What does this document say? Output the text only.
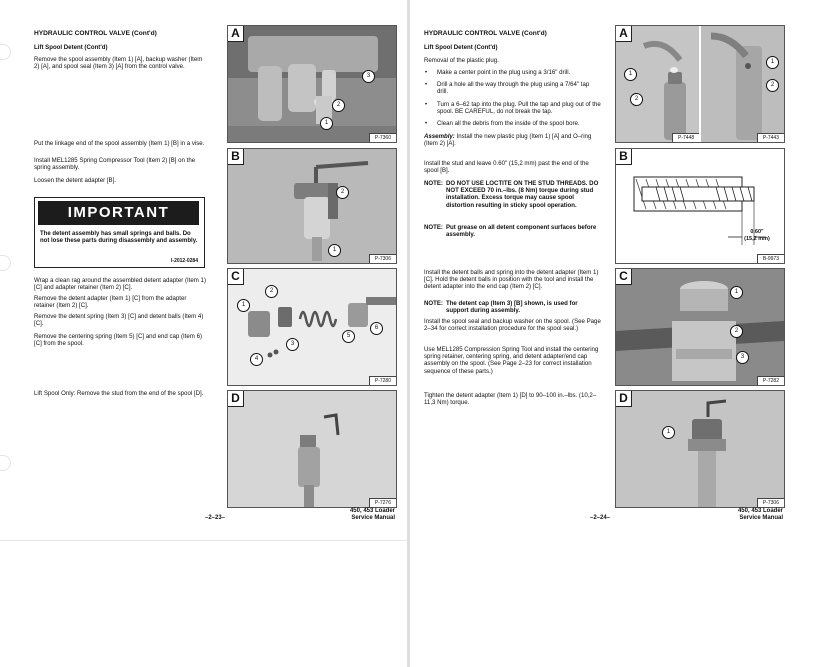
HYDRAULIC CONTROL VALVE (Cont'd)
Lift Spool Detent (Cont'd)
Remove the spool assembly (Item 1) [A], backup washer (Item 2) [A], and spool seal (Item 3) [A] from the control valve.
Put the linkage end of the spool assembly (Item 1) [B] in a vise.
Install MEL1285 Spring Compressor Tool (Item 2) [B] on the spring assembly.
Loosen the detent adapter [B].
IMPORTANT
The detent assembly has small springs and balls. Do not lose these parts during disassembly and assembly.
I-2012-0284
Wrap a clean rag around the assembled detent adapter (Item 1) [C] and adapter retainer (Item 2) [C].
Remove the detent adapter (Item 1) [C] from the adapter retainer (Item 2) [C].
Remove the detent spring (Item 3) [C] and detent balls (Item 4) [C].
Remove the centering spring (Item 5) [C] and end cap (Item 6) [C] from the spool.
Lift Spool Only: Remove the stud from the end of the spool [D].
A
3
2
1
P-7360
B
2
1
P-7306
C
2
1
3
4
5
6
P-7280
D
P-7276
–2–23–
450, 453 Loader
Service Manual
HYDRAULIC CONTROL VALVE (Cont'd)
Lift Spool Detent (Cont'd)
Removal of the plastic plug.
• Make a center point in the plug using a 3/16" drill.
• Drill a hole all the way through the plug using a 7/64" tap drill.
• Turn a 6–62 tap into the plug. Pull the tap and plug out of the spool. BE CAREFUL, do not break the tap.
• Clean all the debris from the inside of the spool bore.
Assembly: Install the new plastic plug (Item 1) [A] and O–ring (Item 2) [A].
Install the stud and leave 0.60" (15,2 mm) past the end of the spool [B].
NOTE: DO NOT USE LOCTITE ON THE STUD THREADS. DO NOT EXCEED 70 in.–lbs. (8 Nm) torque during stud installation. Excess torque may cause spool distortion resulting in sticky spool operation.
NOTE: Put grease on all detent component surfaces before assembly.
Install the detent balls and spring into the detent adapter (Item 1) [C]. Hold the detent balls in position with the tool and install the detent adapter into the end cap (Item 2) [C].
NOTE: The detent cap (Item 3) [B] shown, is used for support during assembly.
Install the spool seal and backup washer on the spool. (See Page 2–34 for correct installation procedure for the spool seal.)
Use MEL1285 Compression Spring Tool and install the centering spring retainer, centering spring, and detent adapter/end cap assembly on the spool. (See Page 2–23 for correct installation sequence of these parts.)
Tighten the detent adapter (Item 1) [D] to 90–100 in.–lbs. (10,2–11,3 Nm) torque.
A
1
2
1
2
P-7448	P-7443
B
0.60"
(15,2 mm)
B-9973
C
1
2
3
P-7282
D
1
P-7306
–2–24–
450, 453 Loader
Service Manual
